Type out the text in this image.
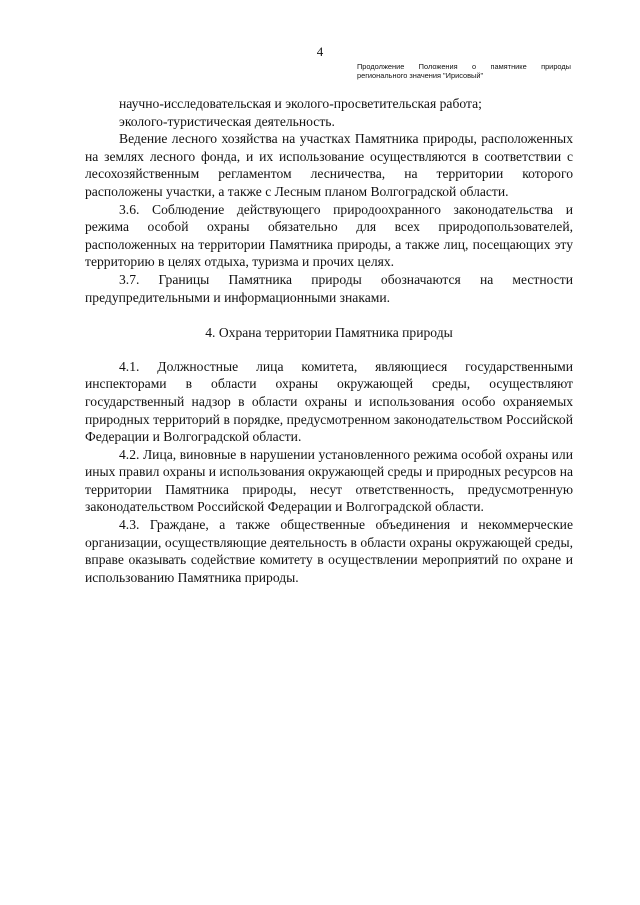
4
Продолжение Положения о памятнике природы
регионального значения "Ирисовый"

научно-исследовательская и эколого-просветительская работа;

эколого-туристическая деятельность.

Ведение лесного хозяйства на участках Памятника природы, расположенных на землях лесного фонда, и их использование осуществляются в соответствии с лесохозяйственным регламентом лесничества, на территории которого расположены участки, а также с Лесным планом Волгоградской области.

3.6. Соблюдение действующего природоохранного законодательства и режима особой охраны обязательно для всех природопользователей, расположенных на территории Памятника природы, а также лиц, посещающих эту территорию в целях отдыха, туризма и прочих целях.

3.7. Границы Памятника природы обозначаются на местности предупредительными и информационными знаками.

4. Охрана территории Памятника природы

4.1. Должностные лица комитета, являющиеся государственными инспекторами в области охраны окружающей среды, осуществляют государственный надзор в области охраны и использования особо охраняемых природных территорий в порядке, предусмотренном законодательством Российской Федерации и Волгоградской области.

4.2. Лица, виновные в нарушении установленного режима особой охраны или иных правил охраны и использования окружающей среды и природных ресурсов на территории Памятника природы, несут ответственность, предусмотренную законодательством Российской Федерации и Волгоградской области.

4.3. Граждане, а также общественные объединения и некоммерческие организации, осуществляющие деятельность в области охраны окружающей среды, вправе оказывать содействие комитету в осуществлении мероприятий по охране и использованию Памятника природы.
